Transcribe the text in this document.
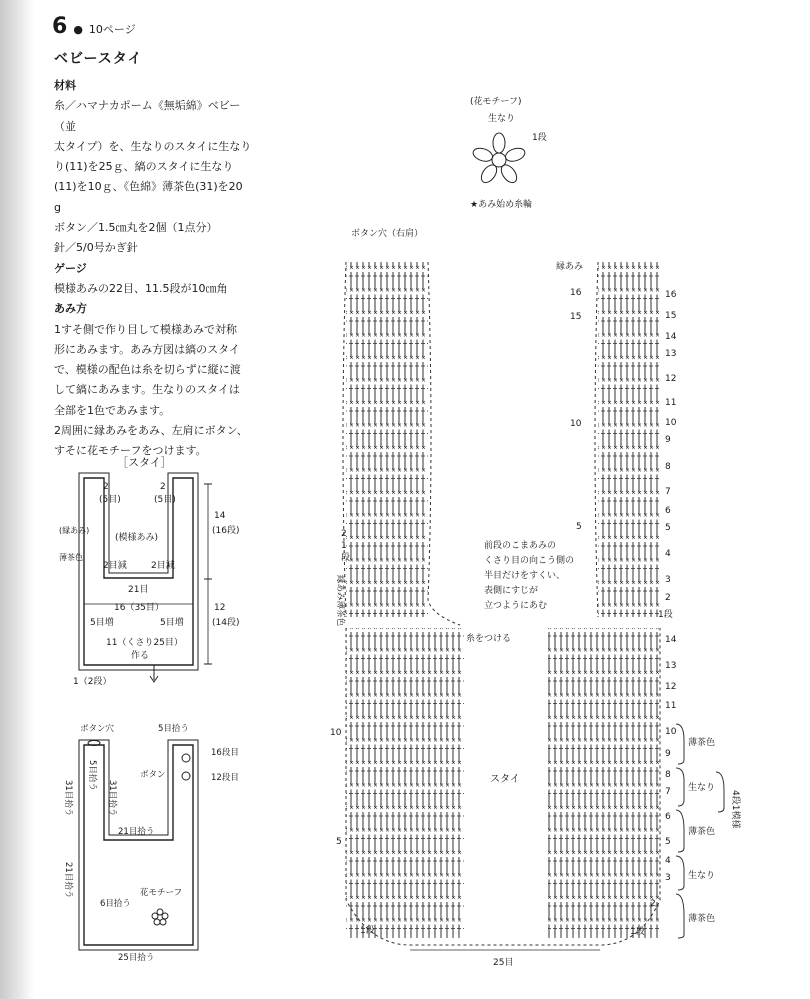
6 ● 10ページ
ベビースタイ

材料

糸／ハマナカポーム《無垢綿》ベビー（並

太タイプ）を、生なりのスタイに生なり

り(11)を25ｇ、縞のスタイに生なり

(11)を10ｇ、《色綿》薄茶色(31)を20

g

ボタン／1.5㎝丸を2個（1点分）

針／5/0号かぎ針

ゲージ

模様あみの22目、11.5段が10㎝角

あみ方

1すそ側で作り目して模様あみで対称

形にあみます。あみ方図は縞のスタイ

で、模様の配色は糸を切らずに縦に渡

して縞にあみます。生なりのスタイは

全部を1色であみます。

2周囲に縁あみをあみ、左肩にボタン、

すそに花モチーフをつけます。

［スタイ］
2	2
(5目)	(5目)
(模様あみ)
(縁あみ)
薄茶色
2目減	2目減
21目
16（35目）
5目増	5目増
11（くさり25目）
作る
1（2段）
14
(16段)
12
(14段)
ボタン穴	5目拾う
5目拾う
31目拾う	31目拾う
21目拾う
ボタン
16段目
12段目
21目拾う
6目拾う
花モチーフ
25目拾う
(花モチーフ)
生なり
1段
★あみ始め糸輪
ボタン穴（右肩）
縁あみ
16
15
14
13
12
11
10
9
8
7
6
5
4
3
2
1段
16
15
10
5
2
1
段
縁あみ薄茶色
前段のこまあみの
くさり目の向こう側の
半目だけをすくい、
表側にすじが
立つようにあむ
糸をつける	14
13
12
11
10
9
8
7
6
5
4
3
2
1段
10
5
1段
薄茶色
生なり
薄茶色
生なり
薄茶色
4段1模様
スタイ
25目
